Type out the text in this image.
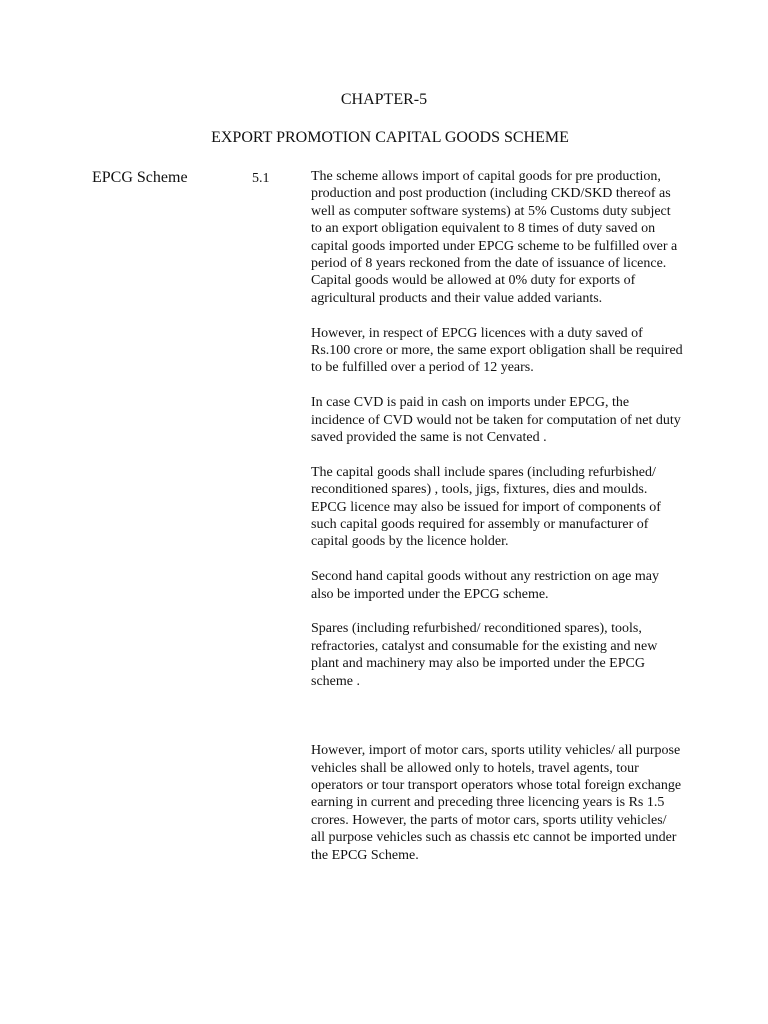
CHAPTER-5
EXPORT PROMOTION CAPITAL GOODS SCHEME
EPCG Scheme	5.1	The scheme allows import of capital goods for pre production, production and post production (including CKD/SKD thereof as well as computer software systems) at 5% Customs duty subject to an export obligation equivalent to 8 times of duty saved on capital goods imported under EPCG scheme to be fulfilled over a period of 8 years reckoned from the date of issuance of licence. Capital goods would be allowed at 0% duty for exports of agricultural products and their value added variants.

However, in respect of EPCG licences with a duty saved of Rs.100 crore or more, the same export obligation shall be required to be fulfilled over a period of 12 years.

In case CVD is paid in cash on imports under EPCG, the incidence of CVD would not be taken for computation of net duty saved provided the same is not Cenvated .

The capital goods shall include spares (including refurbished/ reconditioned spares) , tools, jigs, fixtures, dies and moulds. EPCG licence may also be issued for import of components of such capital goods required for assembly or manufacturer of capital goods by the licence holder.

Second hand capital goods without any restriction on age may also be imported under the EPCG scheme.

Spares (including refurbished/ reconditioned spares), tools, refractories, catalyst and consumable for the existing and new plant and machinery may also be imported under the EPCG scheme .

However, import of motor cars, sports utility vehicles/ all purpose vehicles shall be allowed only to hotels, travel agents, tour operators or tour transport operators whose total foreign exchange earning in current and preceding three licencing years is Rs 1.5 crores. However, the parts of motor cars, sports utility vehicles/ all purpose vehicles such as chassis etc cannot be imported under the EPCG Scheme.
